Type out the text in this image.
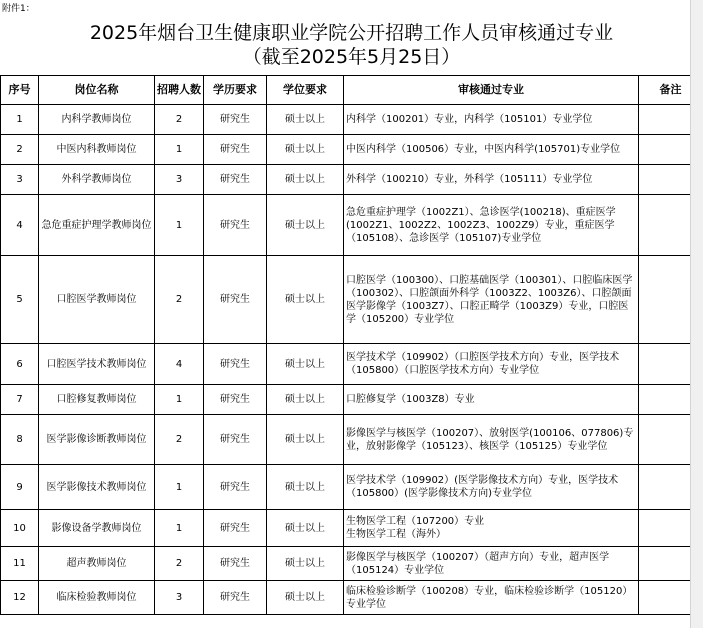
附件1：
2025年烟台卫生健康职业学院公开招聘工作人员审核通过专业
（截至2025年5月25日）
序号	岗位名称	招聘人数	学历要求	学位要求	审核通过专业	备注
1	内科学教师岗位	2	研究生	硕士以上	内科学（100201）专业，内科学（105101）专业学位	
2	中医内科教师岗位	1	研究生	硕士以上	中医内科学（100506）专业，中医内科学(105701)专业学位	
3	外科学教师岗位	3	研究生	硕士以上	外科学（100210）专业，外科学（105111）专业学位	
4	急危重症护理学教师岗位	1	研究生	硕士以上	急危重症护理学（1002Z1）、急诊医学(100218)、重症医学(1002Z1、1002Z2、1002Z3、1002Z9）专业，重症医学（105108）、急诊医学（105107)专业学位	
5	口腔医学教师岗位	2	研究生	硕士以上	口腔医学（100300）、口腔基础医学（100301）、口腔临床医学（100302）、口腔颌面外科学（1003Z2、1003Z6）、口腔颌面医学影像学（1003Z7）、口腔正畸学（1003Z9）专业，口腔医学（105200）专业学位	
6	口腔医学技术教师岗位	4	研究生	硕士以上	医学技术学（109902）（口腔医学技术方向）专业，医学技术（105800）（口腔医学技术方向）专业学位	
7	口腔修复教师岗位	1	研究生	硕士以上	口腔修复学（1003Z8）专业	
8	医学影像诊断教师岗位	2	研究生	硕士以上	影像医学与核医学（100207）、放射医学(100106、077806)专业，放射影像学（105123）、核医学（105125）专业学位	
9	医学影像技术教师岗位	1	研究生	硕士以上	医学技术学（109902）(医学影像技术方向）专业，医学技术（105800）(医学影像技术方向)专业学位	
10	影像设备学教师岗位	1	研究生	硕士以上	生物医学工程（107200）专业
生物医学工程（海外）	
11	超声教师岗位	2	研究生	硕士以上	影像医学与核医学（100207）（超声方向）专业，超声医学（105124）专业学位	
12	临床检验教师岗位	3	研究生	硕士以上	临床检验诊断学（100208）专业，临床检验诊断学（105120）专业学位	
